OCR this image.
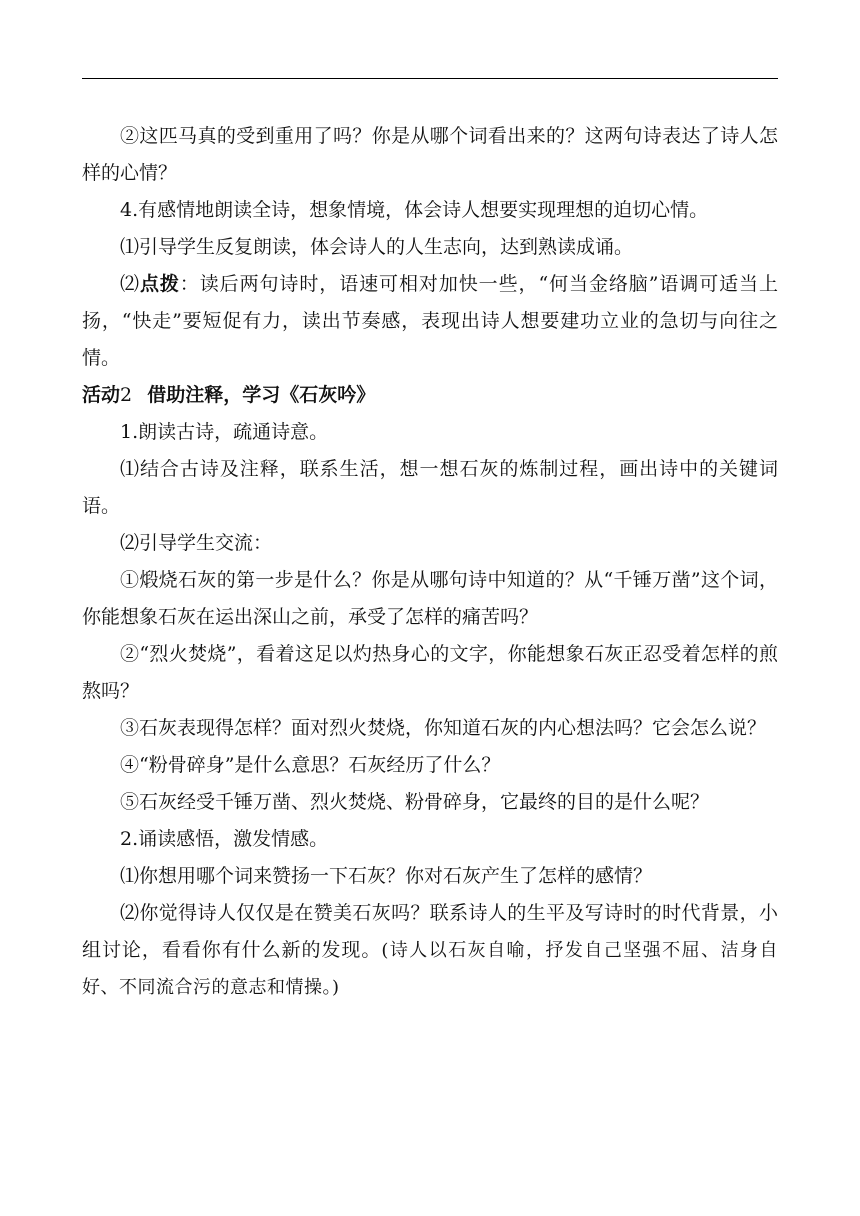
②这匹马真的受到重用了吗？你是从哪个词看出来的？这两句诗表达了诗人怎样的心情？

4.有感情地朗读全诗，想象情境，体会诗人想要实现理想的迫切心情。

⑴引导学生反复朗读，体会诗人的人生志向，达到熟读成诵。

⑵点拨：读后两句诗时，语速可相对加快一些，“何当金络脑”语调可适当上扬，“快走”要短促有力，读出节奏感，表现出诗人想要建功立业的急切与向往之情。

活动2 借助注释，学习《石灰吟》

1.朗读古诗，疏通诗意。

⑴结合古诗及注释，联系生活，想一想石灰的炼制过程，画出诗中的关键词语。

⑵引导学生交流：

①煅烧石灰的第一步是什么？你是从哪句诗中知道的？从“千锤万凿”这个词，你能想象石灰在运出深山之前，承受了怎样的痛苦吗？

②“烈火焚烧”，看着这足以灼热身心的文字，你能想象石灰正忍受着怎样的煎熬吗？

③石灰表现得怎样？面对烈火焚烧，你知道石灰的内心想法吗？它会怎么说？

④“粉骨碎身”是什么意思？石灰经历了什么？

⑤石灰经受千锤万凿、烈火焚烧、粉骨碎身，它最终的目的是什么呢？

2.诵读感悟，激发情感。

⑴你想用哪个词来赞扬一下石灰？你对石灰产生了怎样的感情？

⑵你觉得诗人仅仅是在赞美石灰吗？联系诗人的生平及写诗时的时代背景，小组讨论，看看你有什么新的发现。(诗人以石灰自喻，抒发自己坚强不屈、洁身自好、不同流合污的意志和情操。)
